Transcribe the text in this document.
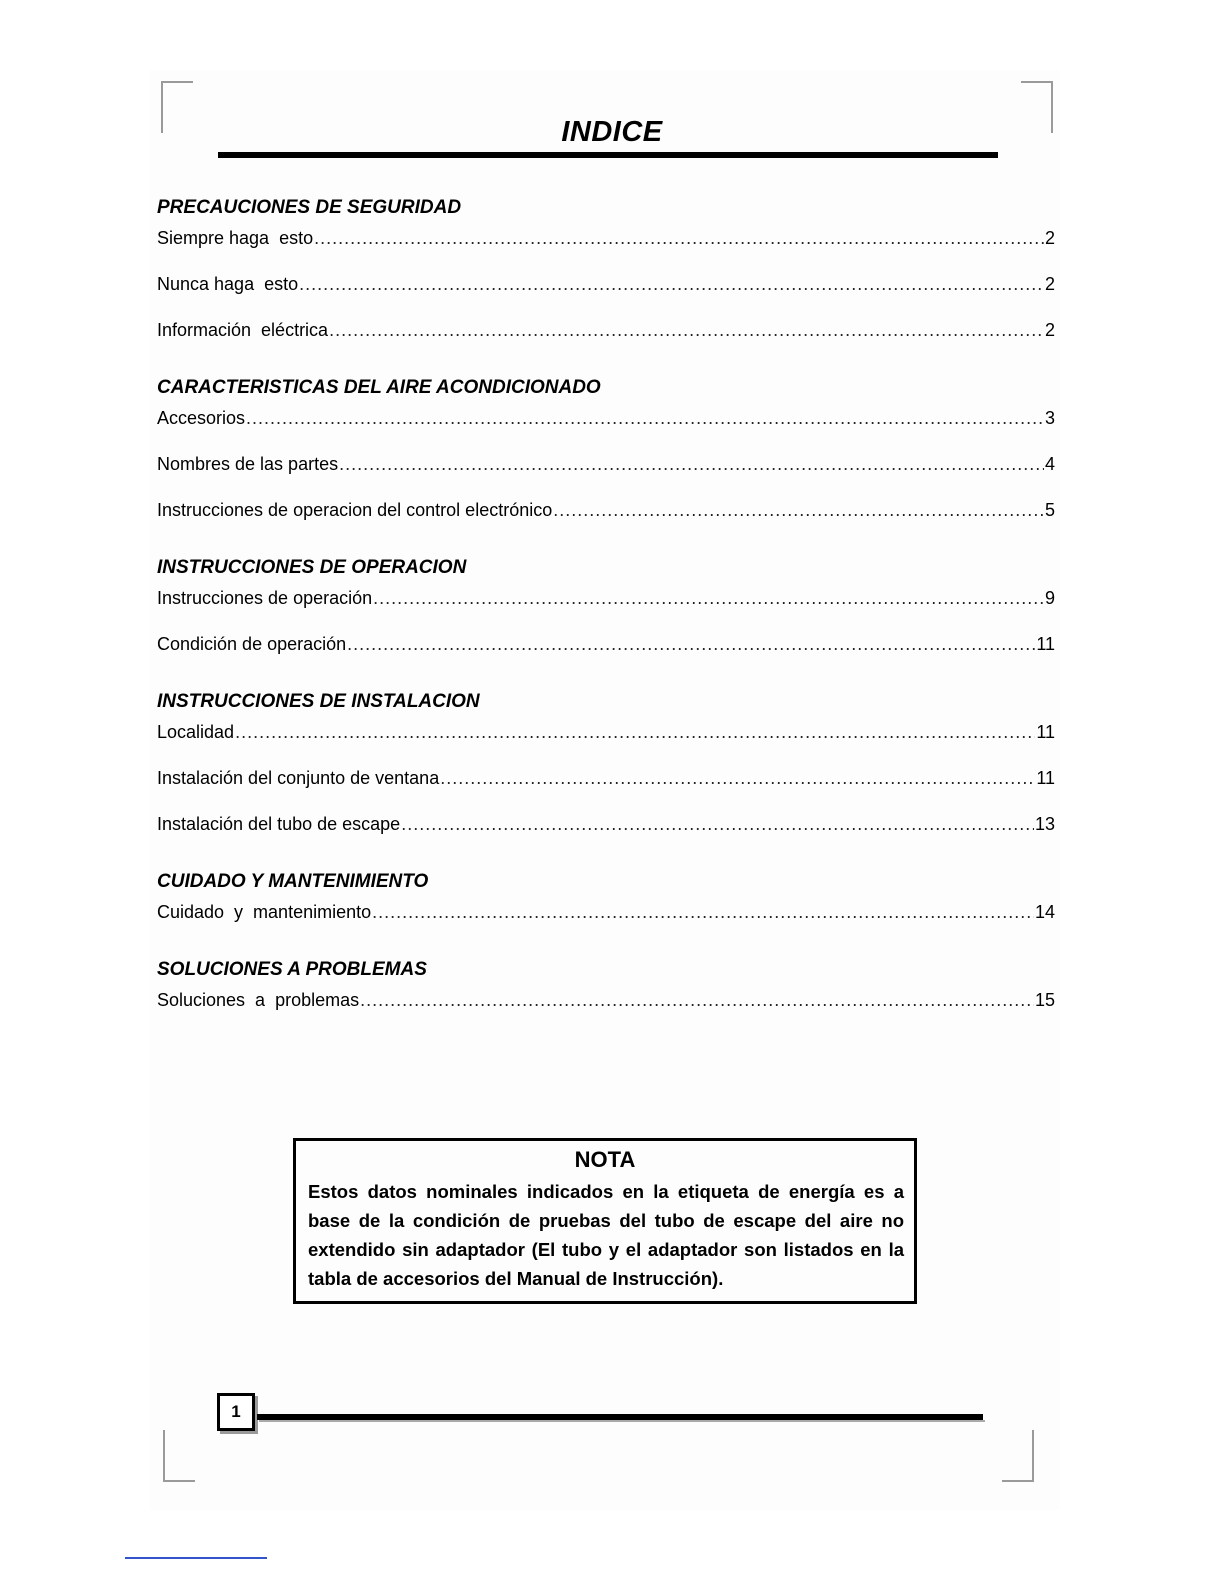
INDICE
PRECAUCIONES DE SEGURIDAD
Siempre haga  esto .....	2
Nunca haga  esto .....	2
Información  eléctrica .....	2
CARACTERISTICAS DEL AIRE ACONDICIONADO
Accesorios .....	3
Nombres de las partes .....	4
Instrucciones de operacion del control electrónico .....	5
INSTRUCCIONES DE OPERACION
Instrucciones de operación .....	9
Condición de operación .....	11
INSTRUCCIONES DE INSTALACION
Localidad .....	11
Instalación del conjunto de ventana .....	11
Instalación del tubo de escape .....	13
CUIDADO Y MANTENIMIENTO
Cuidado  y  mantenimiento .....	14
SOLUCIONES A PROBLEMAS
Soluciones  a  problemas .....	15
NOTA
Estos datos nominales indicados en la etiqueta de energía es a base de la condición de pruebas del tubo de escape del aire no extendido sin adaptador (El tubo y el adaptador son listados en la tabla de accesorios del Manual de Instrucción).
1
